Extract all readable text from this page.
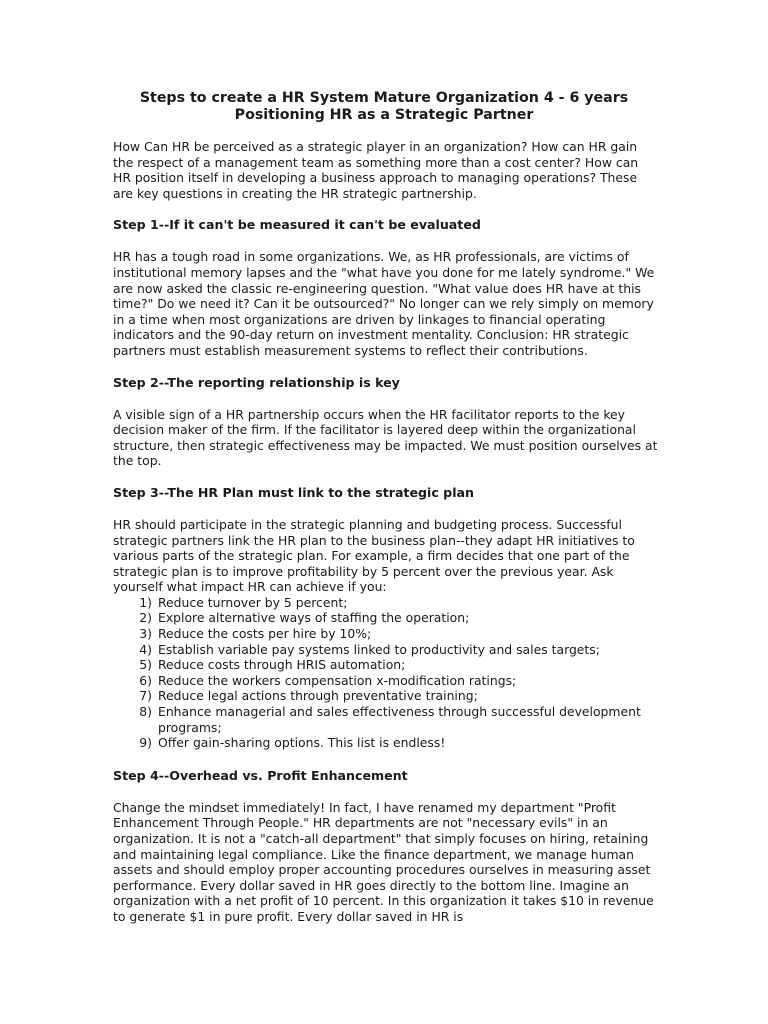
Steps to create a HR System Mature Organization 4 - 6 years
Positioning HR as a Strategic Partner

How Can HR be perceived as a strategic player in an organization? How can HR gain the respect of a management team as something more than a cost center? How can HR position itself in developing a business approach to managing operations? These are key questions in creating the HR strategic partnership.

Step 1--If it can't be measured it can't be evaluated

HR has a tough road in some organizations. We, as HR professionals, are victims of institutional memory lapses and the "what have you done for me lately syndrome." We are now asked the classic re-engineering question. "What value does HR have at this time?" Do we need it? Can it be outsourced?" No longer can we rely simply on memory in a time when most organizations are driven by linkages to financial operating indicators and the 90-day return on investment mentality. Conclusion: HR strategic partners must establish measurement systems to reflect their contributions.

Step 2--The reporting relationship is key

A visible sign of a HR partnership occurs when the HR facilitator reports to the key decision maker of the firm. If the facilitator is layered deep within the organizational structure, then strategic effectiveness may be impacted. We must position ourselves at the top.

Step 3--The HR Plan must link to the strategic plan

HR should participate in the strategic planning and budgeting process. Successful strategic partners link the HR plan to the business plan--they adapt HR initiatives to various parts of the strategic plan. For example, a firm decides that one part of the strategic plan is to improve profitability by 5 percent over the previous year. Ask yourself what impact HR can achieve if you:

1) Reduce turnover by 5 percent;
2) Explore alternative ways of staffing the operation;
3) Reduce the costs per hire by 10%;
4) Establish variable pay systems linked to productivity and sales targets;
5) Reduce costs through HRIS automation;
6) Reduce the workers compensation x-modification ratings;
7) Reduce legal actions through preventative training;
8) Enhance managerial and sales effectiveness through successful development programs;
9) Offer gain-sharing options. This list is endless!
Step 4--Overhead vs. Profit Enhancement

Change the mindset immediately! In fact, I have renamed my department "Profit Enhancement Through People." HR departments are not "necessary evils" in an organization. It is not a "catch-all department" that simply focuses on hiring, retaining and maintaining legal compliance. Like the finance department, we manage human assets and should employ proper accounting procedures ourselves in measuring asset performance. Every dollar saved in HR goes directly to the bottom line. Imagine an organization with a net profit of 10 percent. In this organization it takes $10 in revenue to generate $1 in pure profit. Every dollar saved in HR is
